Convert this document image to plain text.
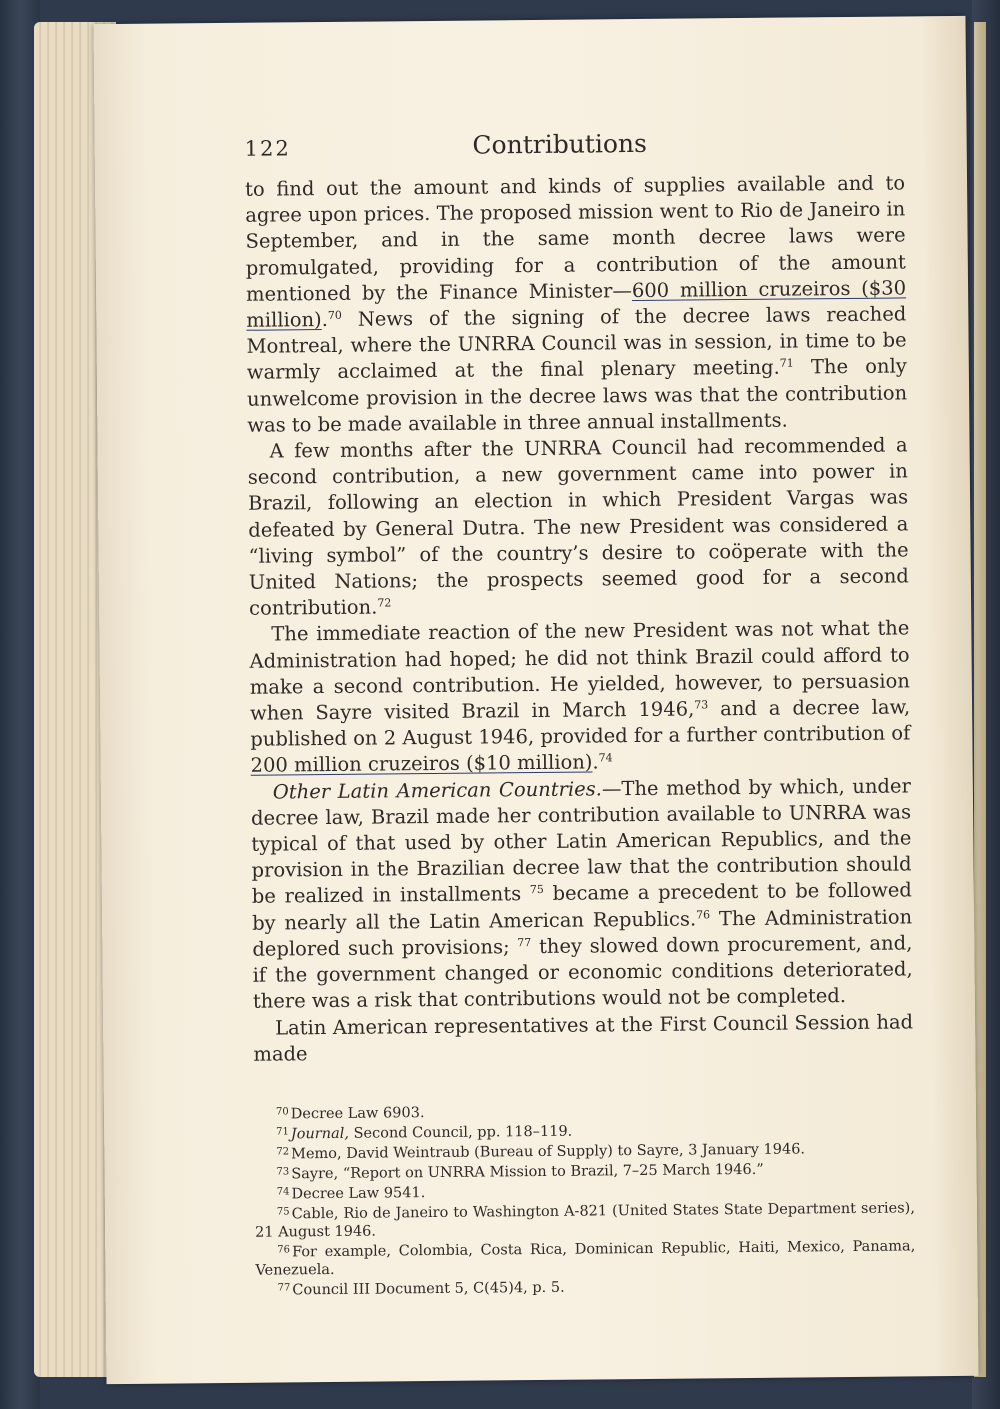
122	Contributions

to find out the amount and kinds of supplies available and to agree upon prices. The proposed mission went to Rio de Janeiro in September, and in the same month decree laws were promulgated, providing for a contribution of the amount mentioned by the Finance Minister—600 million cruzeiros ($30 million).$^{70}$ News of the signing of the decree laws reached Montreal, where the UNRRA Council was in session, in time to be warmly acclaimed at the final plenary meeting.$^{71}$ The only unwelcome provision in the decree laws was that the contribution was to be made available in three annual installments.

A few months after the UNRRA Council had recommended a second contribution, a new government came into power in Brazil, following an election in which President Vargas was defeated by General Dutra. The new President was considered a “living symbol” of the country’s desire to coöperate with the United Nations; the prospects seemed good for a second contribution.$^{72}$

The immediate reaction of the new President was not what the Administration had hoped; he did not think Brazil could afford to make a second contribution. He yielded, however, to persuasion when Sayre visited Brazil in March 1946,73 and a decree law, published on 2 August 1946, provided for a further contribution of 200 million cruzeiros ($10 million).$^{74}$

Other Latin American Countries.—The method by which, under decree law, Brazil made her contribution available to UNRRA was typical of that used by other Latin American Republics, and the provision in the Brazilian decree law that the contribution should be realized in installments $^{75}$ became a precedent to be followed by nearly all the Latin American Republics.$^{76}$ The Administration deplored such provisions; $^{77}$ they slowed down procurement, and, if the government changed or economic conditions deteriorated, there was a risk that contributions would not be completed.

Latin American representatives at the First Council Session had made

$^{70}$ Decree Law 6903.

$^{71}$ Journal, Second Council, pp. 118–119.

$^{72}$ Memo, David Weintraub (Bureau of Supply) to Sayre, 3 January 1946.

$^{73}$ Sayre, “Report on UNRRA Mission to Brazil, 7–25 March 1946.”

$^{74}$ Decree Law 9541.

$^{75}$ Cable, Rio de Janeiro to Washington A-821 (United States State Department series), 21 August 1946.

$^{76}$ For example, Colombia, Costa Rica, Dominican Republic, Haiti, Mexico, Panama, Venezuela.

$^{77}$ Council III Document 5, C(45)4, p. 5.
